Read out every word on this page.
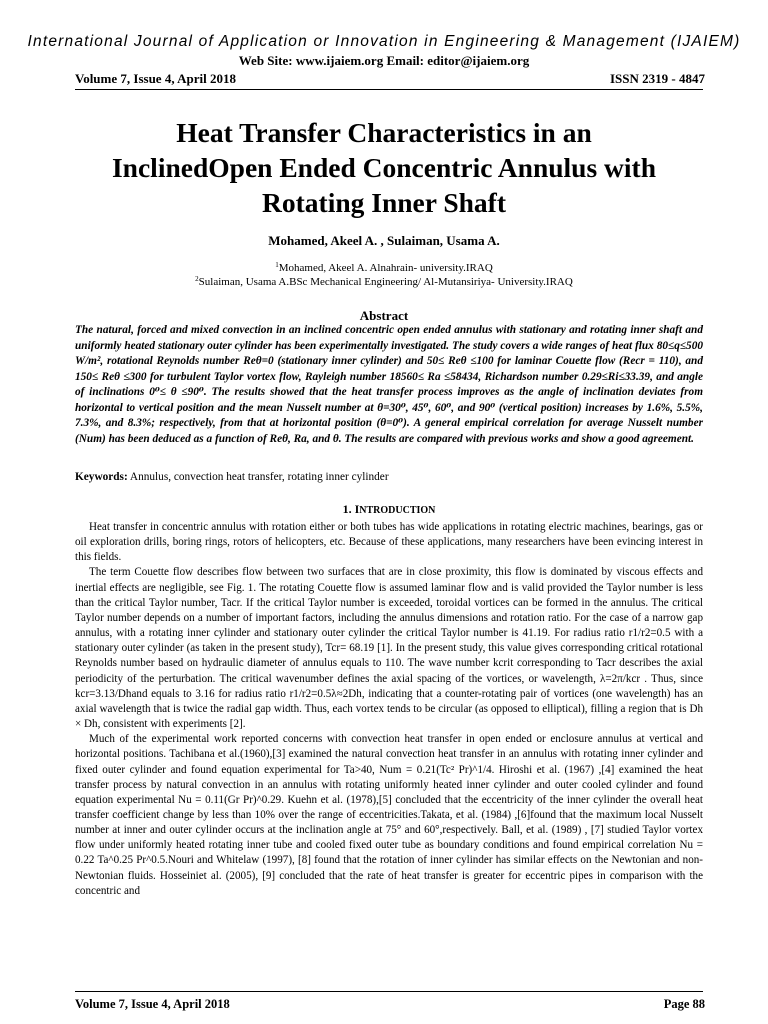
International Journal of Application or Innovation in Engineering & Management (IJAIEM)
Web Site: www.ijaiem.org Email: editor@ijaiem.org
Volume 7, Issue 4, April 2018	ISSN 2319 - 4847
Heat Transfer Characteristics in an
InclinedOpen Ended Concentric Annulus with
Rotating Inner Shaft
Mohamed, Akeel A. , Sulaiman, Usama A.
$^1$Mohamed, Akeel A. Alnahrain- university.IRAQ
$^2$Sulaiman, Usama A.BSc Mechanical Engineering/ Al-Mutansiriya- University.IRAQ
Abstract
The natural, forced and mixed convection in an inclined concentric open ended annulus with stationary and rotating inner shaft and uniformly heated stationary outer cylinder has been experimentally investigated. The study covers a wide ranges of heat flux 80≤q≤500 W/m², rotational Reynolds number Reθ=0 (stationary inner cylinder) and 50≤ Reθ ≤100 for laminar Couette flow (Recr = 110), and 150≤ Reθ ≤300 for turbulent Taylor vortex flow, Rayleigh number 18560≤ Ra ≤58434, Richardson number 0.29≤Ri≤33.39, and angle of inclinations 0⁰≤ θ ≤90⁰. The results showed that the heat transfer process improves as the angle of inclination deviates from horizontal to vertical position and the mean Nusselt number at θ=30⁰, 45⁰, 60⁰, and 90⁰ (vertical position) increases by 1.6%, 5.5%, 7.3%, and 8.3%; respectively, from that at horizontal position (θ=0⁰). A general empirical correlation for average Nusselt number (Num) has been deduced as a function of Reθ, Ra, and θ. The results are compared with previous works and show a good agreement.
Keywords: Annulus, convection heat transfer, rotating inner cylinder
1. INTRODUCTION

Heat transfer in concentric annulus with rotation either or both tubes has wide applications in rotating electric machines, bearings, gas or oil exploration drills, boring rings, rotors of helicopters, etc. Because of these applications, many researchers have been evincing interest in this fields.

The term Couette flow describes flow between two surfaces that are in close proximity, this flow is dominated by viscous effects and inertial effects are negligible, see Fig. 1. The rotating Couette flow is assumed laminar flow and is valid provided the Taylor number is less than the critical Taylor number, Tacr. If the critical Taylor number is exceeded, toroidal vortices can be formed in the annulus. The critical Taylor number depends on a number of important factors, including the annulus dimensions and rotation ratio. For the case of a narrow gap annulus, with a rotating inner cylinder and stationary outer cylinder the critical Taylor number is 41.19. For radius ratio r1/r2=0.5 with a stationary outer cylinder (as taken in the present study), Tcr= 68.19 [1]. In the present study, this value gives corresponding critical rotational Reynolds number based on hydraulic diameter of annulus equals to 110. The wave number kcrit corresponding to Tacr describes the axial periodicity of the perturbation. The critical wavenumber defines the axial spacing of the vortices, or wavelength, λ=2π/kcr . Thus, since kcr=3.13/Dhand equals to 3.16 for radius ratio r1/r2=0.5λ≈2Dh, indicating that a counter-rotating pair of vortices (one wavelength) has an axial wavelength that is twice the radial gap width. Thus, each vortex tends to be circular (as opposed to elliptical), filling a region that is Dh × Dh, consistent with experiments [2].

Much of the experimental work reported concerns with convection heat transfer in open ended or enclosure annulus at vertical and horizontal positions. Tachibana et al.(1960),[3] examined the natural convection heat transfer in an annulus with rotating inner cylinder and fixed outer cylinder and found equation experimental for Ta>40, Num = 0.21(Tc² Pr)^1/4. Hiroshi et al. (1967) ,[4] examined the heat transfer process by natural convection in an annulus with rotating uniformly heated inner cylinder and outer cooled cylinder and found equation experimental Nu = 0.11(Gr Pr)^0.29. Kuehn et al. (1978),[5] concluded that the eccentricity of the inner cylinder the overall heat transfer coefficient change by less than 10% over the range of eccentricities.Takata, et al. (1984) ,[6]found that the maximum local Nusselt number at inner and outer cylinder occurs at the inclination angle at 75° and 60°,respectively. Ball, et al. (1989) , [7] studied Taylor vortex flow under uniformly heated rotating inner tube and cooled fixed outer tube as boundary conditions and found empirical correlation Nu = 0.22 Ta^0.25 Pr^0.5.Nouri and Whitelaw (1997), [8] found that the rotation of inner cylinder has similar effects on the Newtonian and non-Newtonian fluids. Hosseiniet al. (2005), [9] concluded that the rate of heat transfer is greater for eccentric pipes in comparison with the concentric and

Volume 7, Issue 4, April 2018	Page 88
